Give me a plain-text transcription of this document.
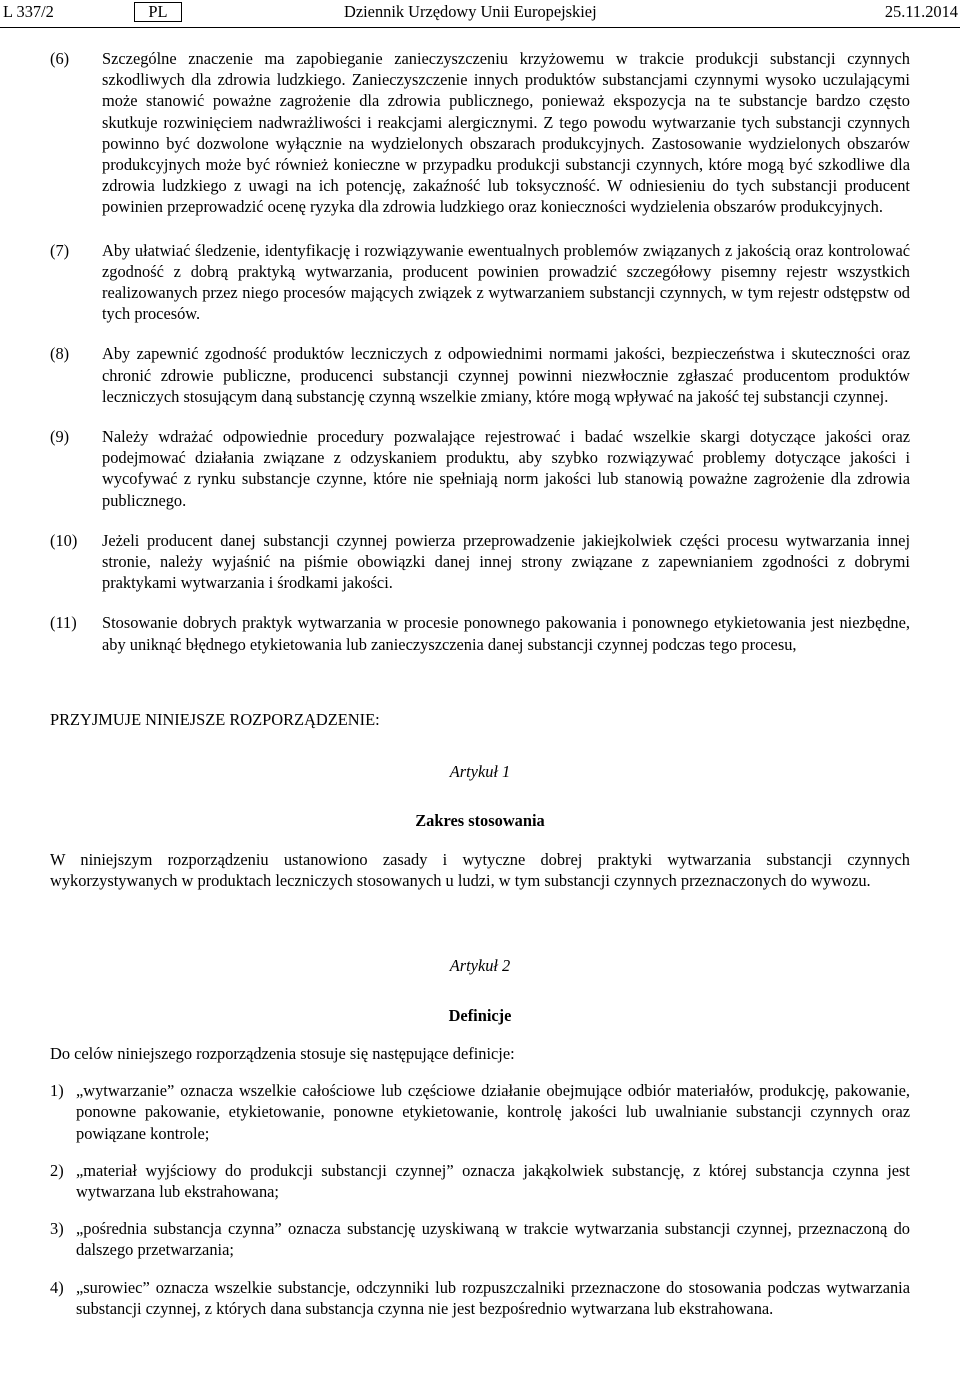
L 337/2	PL	Dziennik Urzędowy Unii Europejskiej	25.11.2014
(6)	Szczególne znaczenie ma zapobieganie zanieczyszczeniu krzyżowemu w trakcie produkcji substancji czynnych szkodliwych dla zdrowia ludzkiego. Zanieczyszczenie innych produktów substancjami czynnymi wysoko uczulającymi może stanowić poważne zagrożenie dla zdrowia publicznego, ponieważ ekspozycja na te substancje bardzo często skutkuje rozwinięciem nadwrażliwości i reakcjami alergicznymi. Z tego powodu wytwarzanie tych substancji czynnych powinno być dozwolone wyłącznie na wydzielonych obszarach produkcyjnych. Zastosowanie wydzielonych obszarów produkcyjnych może być również konieczne w przypadku produkcji substancji czynnych, które mogą być szkodliwe dla zdrowia ludzkiego z uwagi na ich potencję, zakaźność lub toksyczność. W odniesieniu do tych substancji producent powinien przeprowadzić ocenę ryzyka dla zdrowia ludzkiego oraz konieczności wydzielenia obszarów produkcyjnych.

(7)	Aby ułatwiać śledzenie, identyfikację i rozwiązywanie ewentualnych problemów związanych z jakością oraz kontrolować zgodność z dobrą praktyką wytwarzania, producent powinien prowadzić szczegółowy pisemny rejestr wszystkich realizowanych przez niego procesów mających związek z wytwarzaniem substancji czynnych, w tym rejestr odstępstw od tych procesów.

(8)	Aby zapewnić zgodność produktów leczniczych z odpowiednimi normami jakości, bezpieczeństwa i skuteczności oraz chronić zdrowie publiczne, producenci substancji czynnej powinni niezwłocznie zgłaszać producentom produktów leczniczych stosującym daną substancję czynną wszelkie zmiany, które mogą wpływać na jakość tej substancji czynnej.

(9)	Należy wdrażać odpowiednie procedury pozwalające rejestrować i badać wszelkie skargi dotyczące jakości oraz podejmować działania związane z odzyskaniem produktu, aby szybko rozwiązywać problemy dotyczące jakości i wycofywać z rynku substancje czynne, które nie spełniają norm jakości lub stanowią poważne zagrożenie dla zdrowia publicznego.

(10)	Jeżeli producent danej substancji czynnej powierza przeprowadzenie jakiejkolwiek części procesu wytwarzania innej stronie, należy wyjaśnić na piśmie obowiązki danej innej strony związane z zapewnianiem zgodności z dobrymi praktykami wytwarzania i środkami jakości.

(11)	Stosowanie dobrych praktyk wytwarzania w procesie ponownego pakowania i ponownego etykietowania jest niezbędne, aby uniknąć błędnego etykietowania lub zanieczyszczenia danej substancji czynnej podczas tego procesu,

PRZYJMUJE NINIEJSZE ROZPORZĄDZENIE:

Artykuł 1

Zakres stosowania

W niniejszym rozporządzeniu ustanowiono zasady i wytyczne dobrej praktyki wytwarzania substancji czynnych wykorzystywanych w produktach leczniczych stosowanych u ludzi, w tym substancji czynnych przeznaczonych do wywozu.

Artykuł 2

Definicje

Do celów niniejszego rozporządzenia stosuje się następujące definicje:

1) „wytwarzanie” oznacza wszelkie całościowe lub częściowe działanie obejmujące odbiór materiałów, produkcję, pakowanie, ponowne pakowanie, etykietowanie, ponowne etykietowanie, kontrolę jakości lub uwalnianie substancji czynnych oraz powiązane kontrole;

2) „materiał wyjściowy do produkcji substancji czynnej” oznacza jakąkolwiek substancję, z której substancja czynna jest wytwarzana lub ekstrahowana;

3) „pośrednia substancja czynna” oznacza substancję uzyskiwaną w trakcie wytwarzania substancji czynnej, przeznaczoną do dalszego przetwarzania;

4) „surowiec” oznacza wszelkie substancje, odczynniki lub rozpuszczalniki przeznaczone do stosowania podczas wytwarzania substancji czynnej, z których dana substancja czynna nie jest bezpośrednio wytwarzana lub ekstrahowana.
